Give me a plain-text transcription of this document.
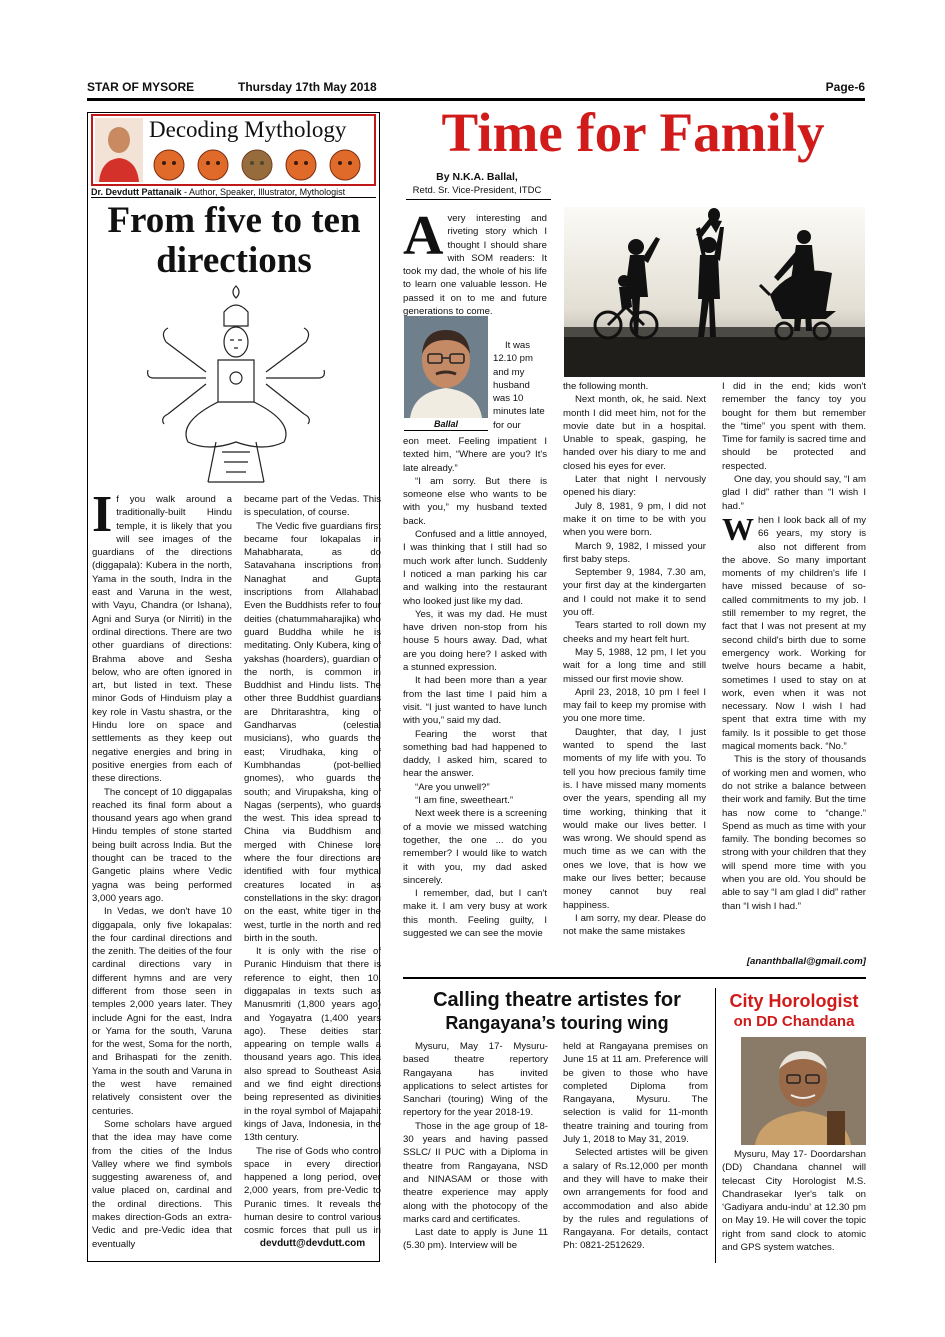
STAR OF MYSORE	Thursday 17th May 2018	Page-6
Decoding Mythology
Dr. Devdutt Pattanaik - Author, Speaker, Illustrator, Mythologist
From five to ten directions

If you walk around a traditionally-built Hindu temple, it is likely that you will see images of the guardians of the directions (diggapala): Kubera in the north, Yama in the south, Indra in the east and Varuna in the west, with Vayu, Chandra (or Ishana), Agni and Surya (or Nirriti) in the ordinal directions. There are two other guardians of directions: Brahma above and Sesha below, who are often ignored in art, but listed in text. These minor Gods of Hinduism play a key role in Vastu shastra, or the Hindu lore on space and settlements as they keep out negative energies and bring in positive energies from each of these directions.

The concept of 10 diggapalas reached its final form about a thousand years ago when grand Hindu temples of stone started being built across India. But the thought can be traced to the Gangetic plains where Vedic yagna was being performed 3,000 years ago.

In Vedas, we don't have 10 diggapala, only five lokapalas: the four cardinal directions and the zenith. The deities of the four cardinal directions vary in different hymns and are very different from those seen in temples 2,000 years later. They include Agni for the east, Indra or Yama for the south, Varuna for the west, Soma for the north, and Brihaspati for the zenith. Yama in the south and Varuna in the west have remained relatively consistent over the centuries.

Some scholars have argued that the idea may have come from the cities of the Indus Valley where we find symbols suggesting awareness of, and value placed on, cardinal and the ordinal directions. This makes direction-Gods an extra-Vedic and pre-Vedic idea that eventually

became part of the Vedas. This is speculation, of course.

The Vedic five guardians first became four lokapalas in Mahabharata, as do Satavahana inscriptions from Nanaghat and Gupta inscriptions from Allahabad. Even the Buddhists refer to four deities (chatummaharajika) who guard Buddha while he is meditating. Only Kubera, king of yakshas (hoarders), guardian of the north, is common in Buddhist and Hindu lists. The other three Buddhist guardians are Dhritarashtra, king of Gandharvas (celestial musicians), who guards the east; Virudhaka, king of Kumbhandas (pot-bellied gnomes), who guards the south; and Virupaksha, king of Nagas (serpents), who guards the west. This idea spread to China via Buddhism and merged with Chinese lore where the four directions are identified with four mythical creatures located in as constellations in the sky: dragon on the east, white tiger in the west, turtle in the north and red birth in the south.

It is only with the rise of Puranic Hinduism that there is reference to eight, then 10, diggapalas in texts such as Manusmriti (1,800 years ago) and Yogayatra (1,400 years ago). These deities start appearing on temple walls a thousand years ago. This idea also spread to Southeast Asia and we find eight directions being represented as divinities in the royal symbol of Majapahit kings of Java, Indonesia, in the 13th century.

The rise of Gods who control space in every direction happened a long period, over 2,000 years, from pre-Vedic to Puranic times. It reveals the human desire to control various cosmic forces that pull us in

devdutt@devdutt.com
Time for Family
By N.K.A. Ballal,
Retd. Sr. Vice-President, ITDC
Ballal

Avery interesting and riveting story which I thought I should share with SOM readers: It took my dad, the whole of his life to learn one valuable lesson. He passed it on to me and future generations to come.

It was 12.10 pm and my husband was 10 minutes late for our

eon meet. Feeling impatient I texted him, “Where are you? It's late already.”

“I am sorry. But there is someone else who wants to be with you,” my husband texted back.

Confused and a little annoyed, I was thinking that I still had so much work after lunch. Suddenly I noticed a man parking his car and walking into the restaurant who looked just like my dad.

Yes, it was my dad. He must have driven non-stop from his house 5 hours away. Dad, what are you doing here? I asked with a stunned expression.

It had been more than a year from the last time I paid him a visit. “I just wanted to have lunch with you,” said my dad.

Fearing the worst that something bad had happened to daddy, I asked him, scared to hear the answer.

“Are you unwell?”

“I am fine, sweetheart.”

Next week there is a screening of a movie we missed watching together, the one ... do you remember? I would like to watch it with you, my dad asked sincerely.

I remember, dad, but I can't make it. I am very busy at work this month. Feeling guilty, I suggested we can see the movie

the following month.

Next month, ok, he said. Next month I did meet him, not for the movie date but in a hospital. Unable to speak, gasping, he handed over his diary to me and closed his eyes for ever.

Later that night I nervously opened his diary:

July 8, 1981, 9 pm, I did not make it on time to be with you when you were born.

March 9, 1982, I missed your first baby steps.

September 9, 1984, 7.30 am, your first day at the kindergarten and I could not make it to send you off.

Tears started to roll down my cheeks and my heart felt hurt.

May 5, 1988, 12 pm, I let you wait for a long time and still missed our first movie show.

April 23, 2018, 10 pm I feel I may fail to keep my promise with you one more time.

Daughter, that day, I just wanted to spend the last moments of my life with you. To tell you how precious family time is. I have missed many moments over the years, spending all my time working, thinking that it would make our lives better. I was wrong. We should spend as much time as we can with the ones we love, that is how we make our lives better; because money cannot buy real happiness.

I am sorry, my dear. Please do not make the same mistakes

I did in the end; kids won't remember the fancy toy you bought for them but remember the “time” you spent with them. Time for family is sacred time and should be protected and respected.

One day, you should say, “I am glad I did” rather than “I wish I had.”

When I look back all of my 66 years, my story is also not different from the above. So many important moments of my children's life I have missed because of so-called commitments to my job. I still remember to my regret, the fact that I was not present at my second child's birth due to some emergency work. Working for twelve hours became a habit, sometimes I used to stay on at work, even when it was not necessary. Now I wish I had spent that extra time with my family. Is it possible to get those magical moments back. “No.”

This is the story of thousands of working men and women, who do not strike a balance between their work and family. But the time has now come to “change.” Spend as much as time with your family. The bonding becomes so strong with your children that they will spend more time with you when you are old. You should be able to say “I am glad I did” rather than “I wish I had.”

[ananthballal@gmail.com]
Calling theatre artistes for
Rangayana’s touring wing

Mysuru, May 17- Mysuru-based theatre repertory Rangayana has invited applications to select artistes for Sanchari (touring) Wing of the repertory for the year 2018-19.

Those in the age group of 18-30 years and having passed SSLC/ II PUC with a Diploma in theatre from Rangayana, NSD and NINASAM or those with theatre experience may apply along with the photocopy of the marks card and certificates.

Last date to apply is June 11 (5.30 pm). Interview will be

held at Rangayana premises on June 15 at 11 am. Preference will be given to those who have completed Diploma from Rangayana, Mysuru. The selection is valid for 11-month theatre training and touring from July 1, 2018 to May 31, 2019.

Selected artistes will be given a salary of Rs.12,000 per month and they will have to make their own arrangements for food and accommodation and also abide by the rules and regulations of Rangayana. For details, contact Ph: 0821-2512629.

City Horologist
on DD Chandana

Mysuru, May 17- Doordarshan (DD) Chandana channel will telecast City Horologist M.S. Chandrasekar Iyer's talk on ‘Gadiyara andu-indu’ at 12.30 pm on May 19. He will cover the topic right from sand clock to atomic and GPS system watches.
